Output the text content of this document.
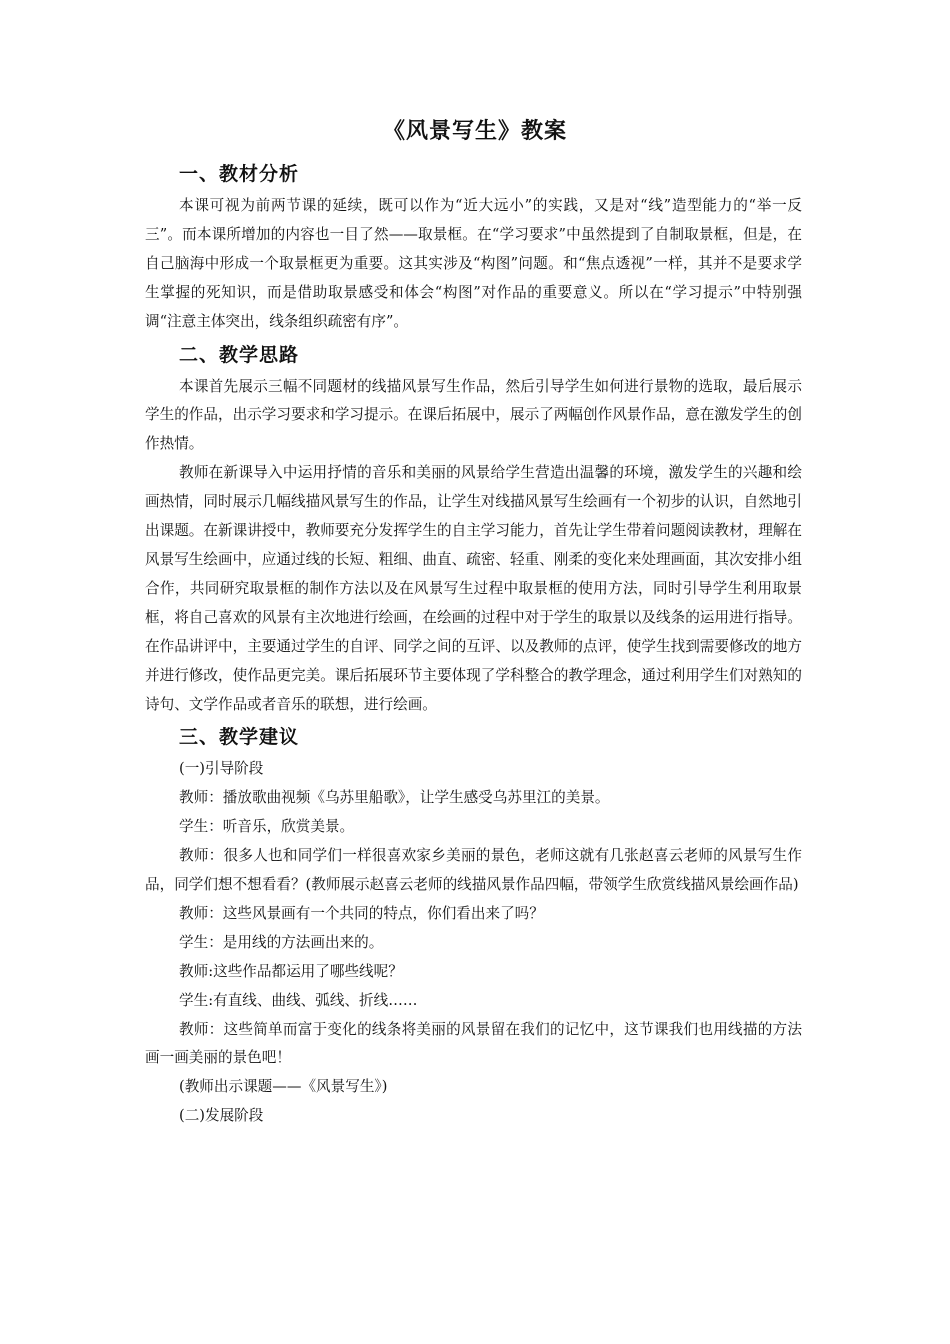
《风景写生》教案
一、教材分析

本课可视为前两节课的延续，既可以作为“近大远小”的实践，又是对“线”造型能力的“举一反三”。而本课所增加的内容也一目了然——取景框。在“学习要求”中虽然提到了自制取景框，但是，在自己脑海中形成一个取景框更为重要。这其实涉及“构图”问题。和“焦点透视”一样，其并不是要求学生掌握的死知识，而是借助取景感受和体会“构图”对作品的重要意义。所以在“学习提示”中特别强调“注意主体突出，线条组织疏密有序”。

二、教学思路

本课首先展示三幅不同题材的线描风景写生作品，然后引导学生如何进行景物的选取，最后展示学生的作品，出示学习要求和学习提示。在课后拓展中，展示了两幅创作风景作品，意在激发学生的创作热情。

教师在新课导入中运用抒情的音乐和美丽的风景给学生营造出温馨的环境，激发学生的兴趣和绘画热情，同时展示几幅线描风景写生的作品，让学生对线描风景写生绘画有一个初步的认识，自然地引出课题。在新课讲授中，教师要充分发挥学生的自主学习能力，首先让学生带着问题阅读教材，理解在风景写生绘画中，应通过线的长短、粗细、曲直、疏密、轻重、刚柔的变化来处理画面，其次安排小组合作，共同研究取景框的制作方法以及在风景写生过程中取景框的使用方法，同时引导学生利用取景框，将自己喜欢的风景有主次地进行绘画，在绘画的过程中对于学生的取景以及线条的运用进行指导。在作品讲评中，主要通过学生的自评、同学之间的互评、以及教师的点评，使学生找到需要修改的地方并进行修改，使作品更完美。课后拓展环节主要体现了学科整合的教学理念，通过利用学生们对熟知的诗句、文学作品或者音乐的联想，进行绘画。

三、教学建议

(一)引导阶段

教师：播放歌曲视频《乌苏里船歌》，让学生感受乌苏里江的美景。

学生：听音乐，欣赏美景。

教师：很多人也和同学们一样很喜欢家乡美丽的景色，老师这就有几张赵喜云老师的风景写生作品，同学们想不想看看？(教师展示赵喜云老师的线描风景作品四幅，带领学生欣赏线描风景绘画作品)

教师：这些风景画有一个共同的特点，你们看出来了吗？

学生：是用线的方法画出来的。

教师:这些作品都运用了哪些线呢？

学生:有直线、曲线、弧线、折线……

教师：这些简单而富于变化的线条将美丽的风景留在我们的记忆中，这节课我们也用线描的方法画一画美丽的景色吧！

(教师出示课题——《风景写生》)

(二)发展阶段
